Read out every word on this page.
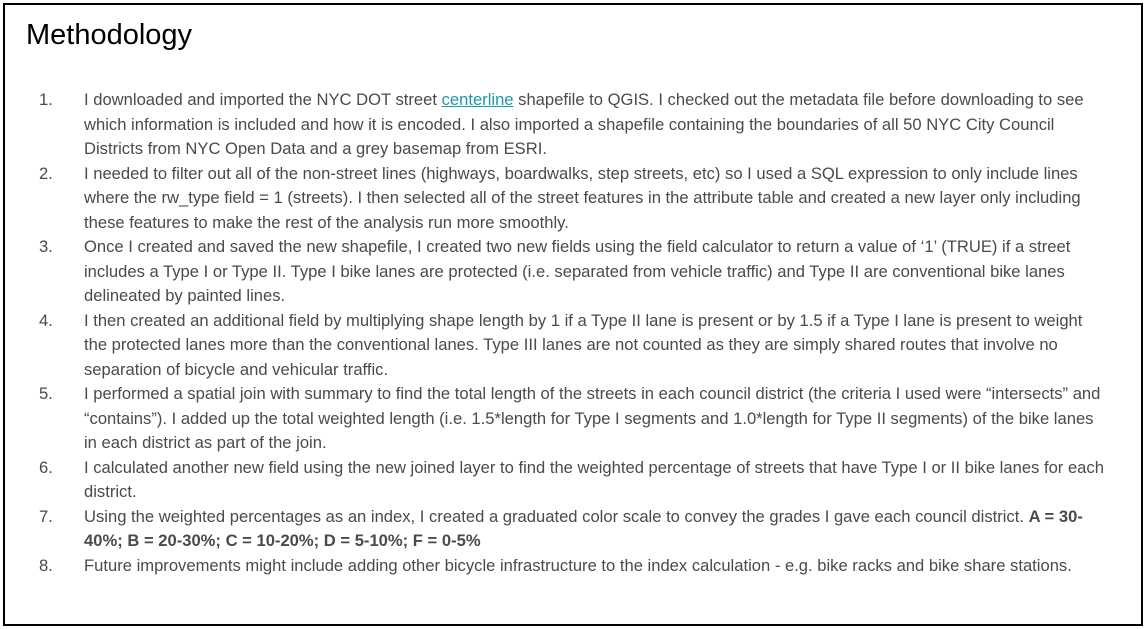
Methodology
1.	I downloaded and imported the NYC DOT street centerline shapefile to QGIS. I checked out the metadata file before downloading to see which information is included and how it is encoded. I also imported a shapefile containing the boundaries of all 50 NYC City Council Districts from NYC Open Data and a grey basemap from ESRI.
2.	I needed to filter out all of the non-street lines (highways, boardwalks, step streets, etc) so I used a SQL expression to only include lines where the rw_type field = 1 (streets). I then selected all of the street features in the attribute table and created a new layer only including these features to make the rest of the analysis run more smoothly.
3.	Once I created and saved the new shapefile, I created two new fields using the field calculator to return a value of ‘1’ (TRUE) if a street includes a Type I or Type II. Type I bike lanes are protected (i.e. separated from vehicle traffic) and Type II are conventional bike lanes delineated by painted lines.
4.	I then created an additional field by multiplying shape length by 1 if a Type II lane is present or by 1.5 if a Type I lane is present to weight the protected lanes more than the conventional lanes. Type III lanes are not counted as they are simply shared routes that involve no separation of bicycle and vehicular traffic.
5.	I performed a spatial join with summary to find the total length of the streets in each council district (the criteria I used were “intersects” and “contains”). I added up the total weighted length (i.e. 1.5*length for Type I segments and 1.0*length for Type II segments) of the bike lanes in each district as part of the join.
6.	I calculated another new field using the new joined layer to find the weighted percentage of streets that have Type I or II bike lanes for each district.
7.	Using the weighted percentages as an index, I created a graduated color scale to convey the grades I gave each council district. A = 30-40%; B = 20-30%; C = 10-20%; D = 5-10%; F = 0-5%
8.	Future improvements might include adding other bicycle infrastructure to the index calculation - e.g. bike racks and bike share stations.
